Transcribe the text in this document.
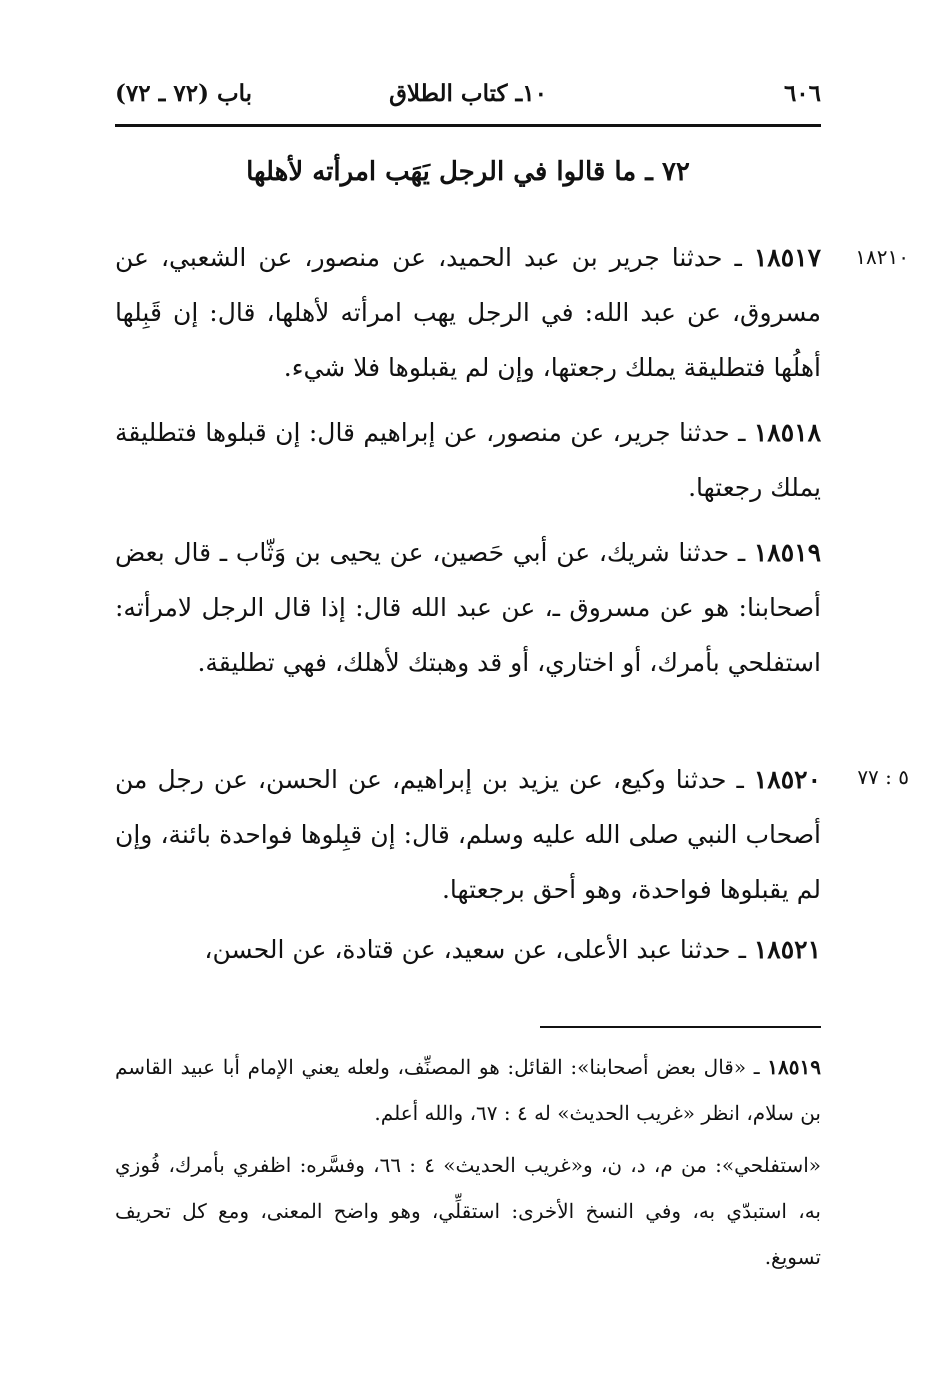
٦٠٦
١٠ـ كتاب الطلاق
باب (٧٢ ـ ٧٢)
٧٢ ـ ما قالوا في الرجل يَهَب امرأته لأهلها
١٨٢١٠
٥ : ٧٧
١٨٥١٧ ـ حدثنا جرير بن عبد الحميد، عن منصور، عن الشعبي، عن مسروق، عن عبد الله: في الرجل يهب امرأته لأهلها، قال: إن قَبِلها أهلُها فتطليقة يملك رجعتها، وإن لم يقبلوها فلا شيء.
١٨٥١٨ ـ حدثنا جرير، عن منصور، عن إبراهيم قال: إن قبلوها فتطليقة يملك رجعتها.
١٨٥١٩ ـ حدثنا شريك، عن أبي حَصين، عن يحيى بن وَثّاب ـ قال بعض أصحابنا: هو عن مسروق ـ، عن عبد الله قال: إذا قال الرجل لامرأته: استفلحي بأمرك، أو اختاري، أو قد وهبتك لأهلك، فهي تطليقة.
١٨٥٢٠ ـ حدثنا وكيع، عن يزيد بن إبراهيم، عن الحسن، عن رجل من أصحاب النبي صلى الله عليه وسلم، قال: إن قبِلوها فواحدة بائنة، وإن لم يقبلوها فواحدة، وهو أحق برجعتها.
١٨٥٢١ ـ حدثنا عبد الأعلى، عن سعيد، عن قتادة، عن الحسن،
١٨٥١٩ ـ «قال بعض أصحابنا»: القائل: هو المصنِّف، ولعله يعني الإمام أبا عبيد القاسم بن سلام، انظر «غريب الحديث» له ٤ : ٦٧، والله أعلم.
«استفلحي»: من م، د، ن، و«غريب الحديث» ٤ : ٦٦، وفسَّره: اظفري بأمرك، فُوزي به، استبدّي به، وفي النسخ الأخرى: استقلِّي، وهو واضح المعنى، ومع كل تحريف تسويغ.
